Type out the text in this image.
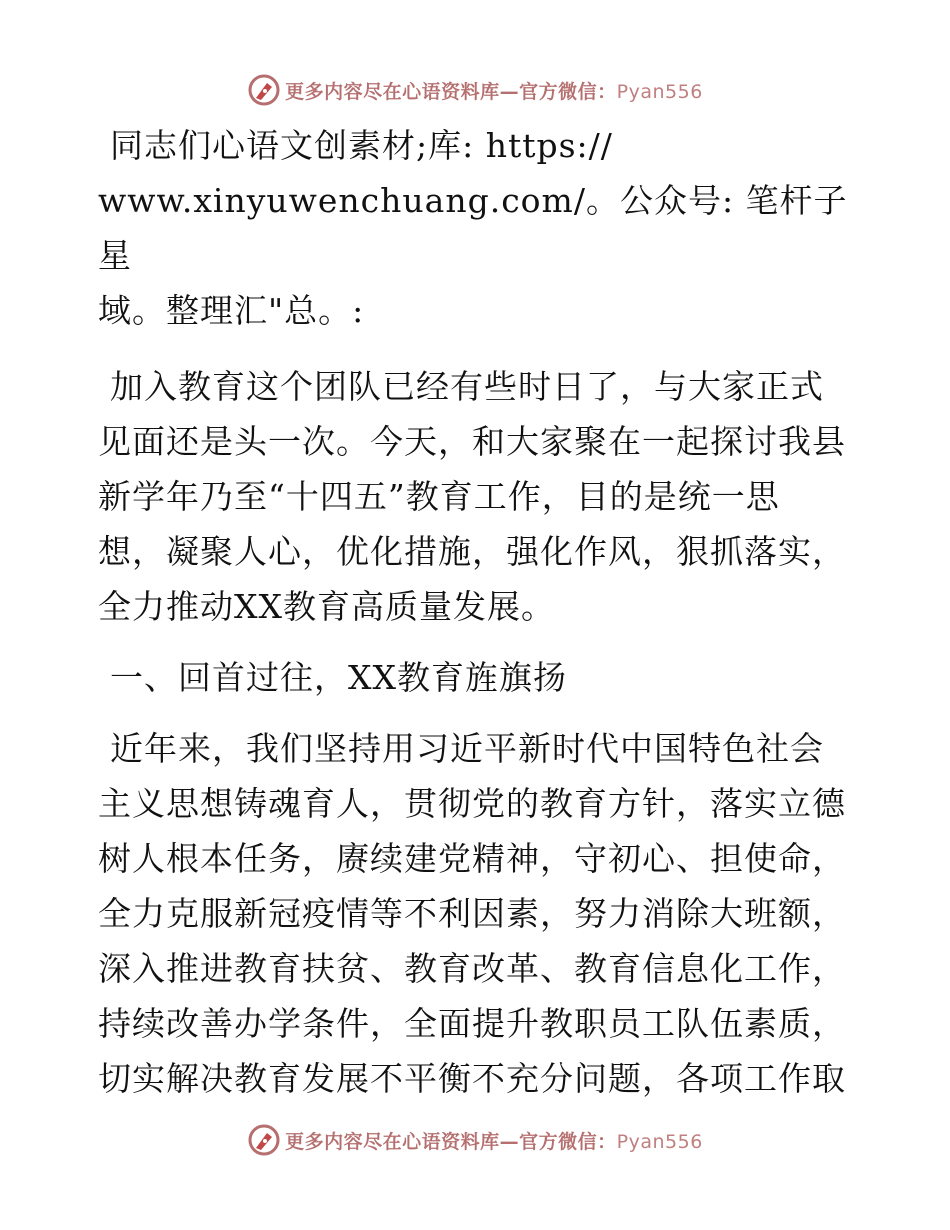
更多内容尽在心语资料库—官方微信：Pyan556
同志们心语文创素材;库: https://
www.xinyuwenchuang.com/。公众号: 笔杆子星
域。整理汇"总。:
加入教育这个团队已经有些时日了，与大家正式
见面还是头一次。今天，和大家聚在一起探讨我县
新学年乃至“十四五”教育工作，目的是统一思
想，凝聚人心，优化措施，强化作风，狠抓落实，
全力推动XX教育高质量发展。
一、回首过往，XX教育旌旗扬
近年来，我们坚持用习近平新时代中国特色社会
主义思想铸魂育人，贯彻党的教育方针，落实立德
树人根本任务，赓续建党精神，守初心、担使命，
全力克服新冠疫情等不利因素，努力消除大班额，
深入推进教育扶贫、教育改革、教育信息化工作，
持续改善办学条件，全面提升教职员工队伍素质，
切实解决教育发展不平衡不充分问题，各项工作取
更多内容尽在心语资料库—官方微信：Pyan556
